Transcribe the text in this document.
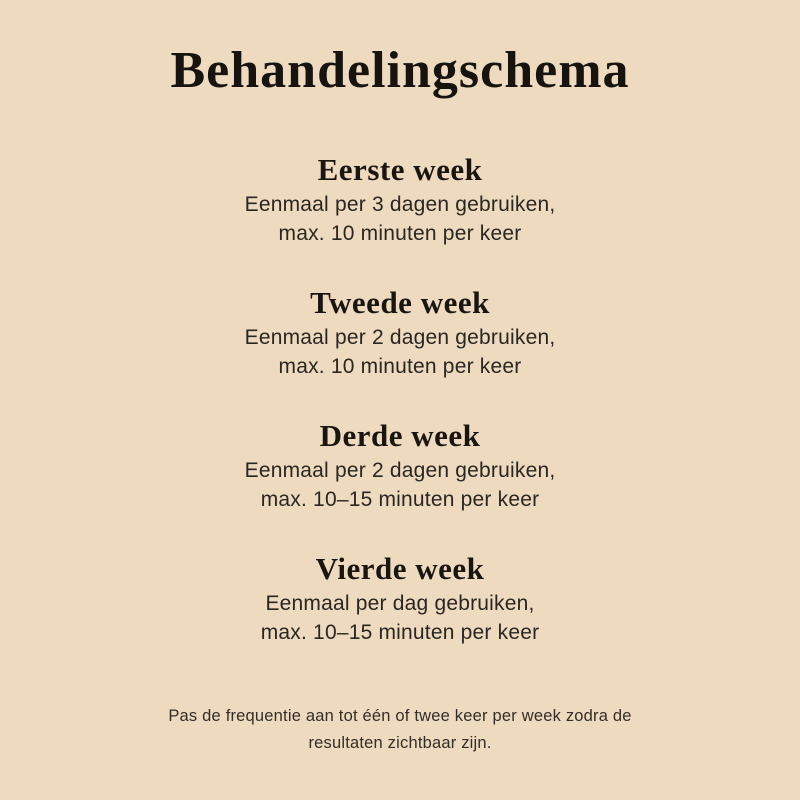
Behandelingschema
Eerste week
Eenmaal per 3 dagen gebruiken,
max. 10 minuten per keer
Tweede week
Eenmaal per 2 dagen gebruiken,
max. 10 minuten per keer
Derde week
Eenmaal per 2 dagen gebruiken,
max. 10–15 minuten per keer
Vierde week
Eenmaal per dag gebruiken,
max. 10–15 minuten per keer
Pas de frequentie aan tot één of twee keer per week zodra de
resultaten zichtbaar zijn.
